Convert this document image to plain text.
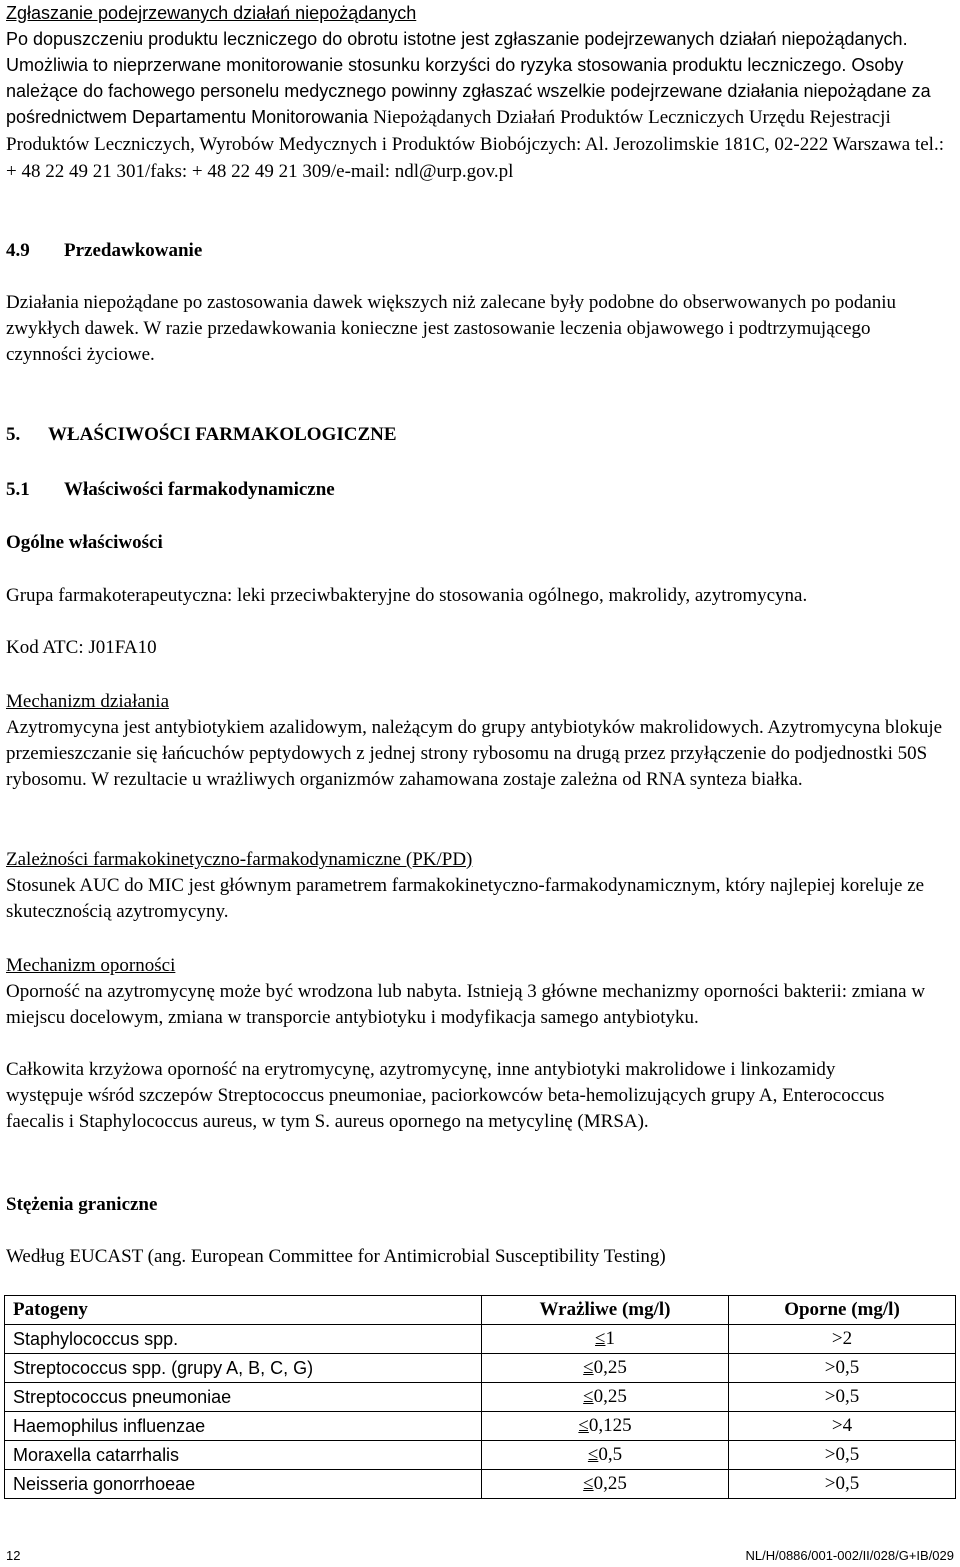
Zgłaszanie podejrzewanych działań niepożądanych

Po dopuszczeniu produktu leczniczego do obrotu istotne jest zgłaszanie podejrzewanych działań niepożądanych. Umożliwia to nieprzerwane monitorowanie stosunku korzyści do ryzyka stosowania produktu leczniczego. Osoby należące do fachowego personelu medycznego powinny zgłaszać wszelkie podejrzewane działania niepożądane za pośrednictwem Departamentu Monitorowania Niepożądanych Działań Produktów Leczniczych Urzędu Rejestracji Produktów Leczniczych, Wyrobów Medycznych i Produktów Biobójczych: Al. Jerozolimskie 181C, 02-222 Warszawa tel.: + 48 22 49 21 301/faks: + 48 22 49 21 309/e-mail: ndl@urp.gov.pl

4.9	Przedawkowanie

Działania niepożądane po zastosowania dawek większych niż zalecane były podobne do obserwowanych po podaniu zwykłych dawek. W razie przedawkowania konieczne jest zastosowanie leczenia objawowego i podtrzymującego czynności życiowe.

5.	WŁAŚCIWOŚCI FARMAKOLOGICZNE
5.1	Właściwości farmakodynamiczne

Ogólne właściwości

Grupa farmakoterapeutyczna: leki przeciwbakteryjne do stosowania ogólnego, makrolidy, azytromycyna.

Kod ATC: J01FA10

Mechanizm działania

Azytromycyna jest antybiotykiem azalidowym, należącym do grupy antybiotyków makrolidowych. Azytromycyna blokuje przemieszczanie się łańcuchów peptydowych z jednej strony rybosomu na drugą przez przyłączenie do podjednostki 50S rybosomu. W rezultacie u wrażliwych organizmów zahamowana zostaje zależna od RNA synteza białka.

Zależności farmakokinetyczno-farmakodynamiczne (PK/PD)

Stosunek AUC do MIC jest głównym parametrem farmakokinetyczno-farmakodynamicznym, który najlepiej koreluje ze skutecznością azytromycyny.

Mechanizm oporności

Oporność na azytromycynę może być wrodzona lub nabyta. Istnieją 3 główne mechanizmy oporności bakterii: zmiana w miejscu docelowym, zmiana w transporcie antybiotyku i modyfikacja samego antybiotyku.

Całkowita krzyżowa oporność na erytromycynę, azytromycynę, inne antybiotyki makrolidowe i linkozamidy występuje wśród szczepów Streptococcus pneumoniae, paciorkowców beta-hemolizujących grupy A, Enterococcus faecalis i Staphylococcus aureus, w tym S. aureus opornego na metycylinę (MRSA).

Stężenia graniczne

Według EUCAST (ang. European Committee for Antimicrobial Susceptibility Testing)

Patogeny	Wrażliwe (mg/l)	Oporne (mg/l)
Staphylococcus spp.	≤1	>2
Streptococcus spp. (grupy A, B, C, G)	≤0,25	>0,5
Streptococcus pneumoniae	≤0,25	>0,5
Haemophilus influenzae	≤0,125	>4
Moraxella catarrhalis	≤0,5	>0,5
Neisseria gonorrhoeae	≤0,25	>0,5
12	NL/H/0886/001-002/II/028/G+IB/029
